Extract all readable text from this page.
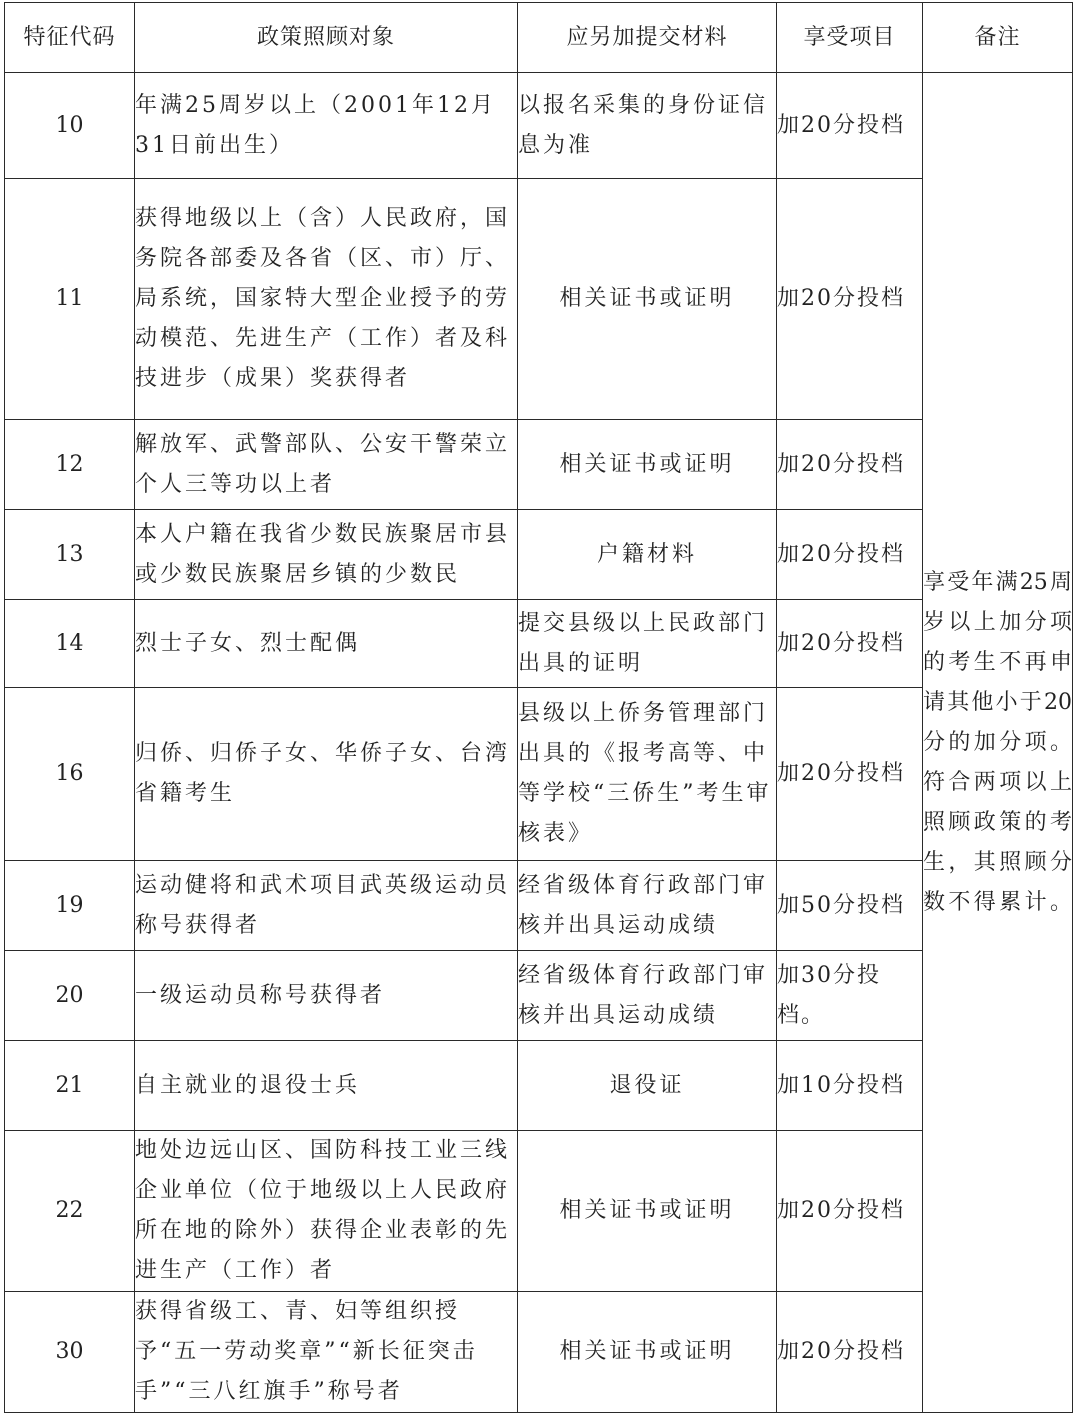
特征代码	政策照顾对象	应另加提交材料	享受项目	备注
10	年满25周岁以上（2001年12月31日前出生）	以报名采集的身份证信息为准	加20分投档	享受年满25周岁以上加分项的考生不再申请其他小于20分的加分项。符合两项以上照顾政策的考生，其照顾分数不得累计。

11	获得地级以上（含）人民政府，国务院各部委及各省（区、市）厅、局系统，国家特大型企业授予的劳动模范、先进生产（工作）者及科技进步（成果）奖获得者	相关证书或证明	加20分投档	
12	解放军、武警部队、公安干警荣立个人三等功以上者	相关证书或证明	加20分投档	
13	本人户籍在我省少数民族聚居市县或少数民族聚居乡镇的少数民	户籍材料	加20分投档	
14	烈士子女、烈士配偶	提交县级以上民政部门出具的证明	加20分投档	
16	归侨、归侨子女、华侨子女、台湾省籍考生	县级以上侨务管理部门出具的《报考高等、中等学校“三侨生”考生审核表》	加20分投档	
19	运动健将和武术项目武英级运动员称号获得者	经省级体育行政部门审核并出具运动成绩	加50分投档	
20	一级运动员称号获得者	经省级体育行政部门审核并出具运动成绩	加30分投档。	
21	自主就业的退役士兵	退役证	加10分投档	
22	地处边远山区、国防科技工业三线企业单位（位于地级以上人民政府所在地的除外）获得企业表彰的先进生产（工作）者	相关证书或证明	加20分投档	
30	获得省级工、青、妇等组织授予“五一劳动奖章”“新长征突击手”“三八红旗手”称号者	相关证书或证明	加20分投档	
